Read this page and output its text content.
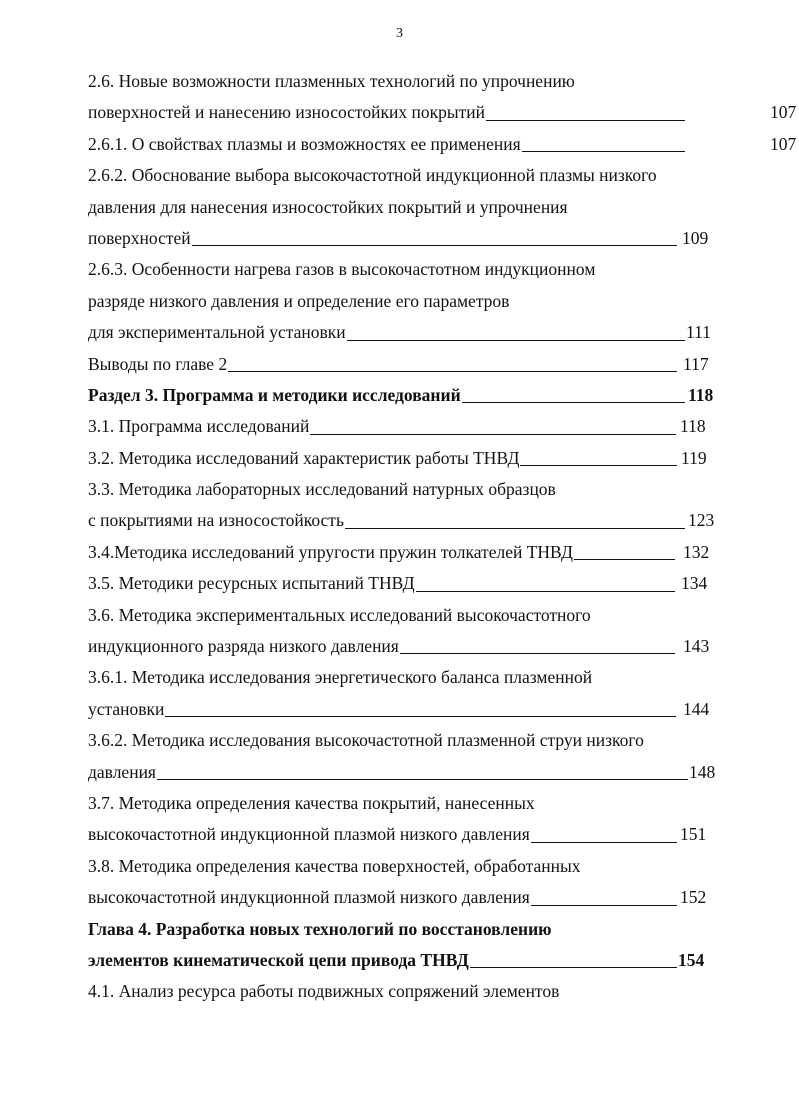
3
2.6. Новые возможности плазменных технологий по упрочнению
поверхностей и нанесению износостойких покрытий	107
2.6.1. О свойствах плазмы и возможностях ее применения	107
2.6.2. Обоснование выбора высокочастотной индукционной плазмы низкого
давления для нанесения износостойких покрытий и упрочнения
поверхностей	109
2.6.3. Особенности нагрева газов в высокочастотном индукционном
разряде низкого давления и определение его параметров
для экспериментальной установки	111
Выводы по главе 2	117
Раздел 3. Программа и методики исследований	118
3.1. Программа исследований	118
3.2. Методика исследований характеристик работы ТНВД	119
3.3. Методика лабораторных исследований натурных образцов
с покрытиями на износостойкость	123
3.4.Методика исследований упругости пружин толкателей ТНВД	132
3.5. Методики ресурсных испытаний ТНВД	134
3.6. Методика экспериментальных исследований высокочастотного
индукционного разряда низкого давления	143
3.6.1. Методика исследования энергетического баланса плазменной
установки	144
3.6.2. Методика исследования высокочастотной плазменной струи низкого
давления	148
3.7. Методика определения качества покрытий, нанесенных
высокочастотной индукционной плазмой низкого давления	151
3.8. Методика определения качества поверхностей, обработанных
высокочастотной индукционной плазмой низкого давления	152
Глава 4. Разработка новых технологий по восстановлению
элементов кинематической цепи привода ТНВД	154
4.1. Анализ ресурса работы подвижных сопряжений элементов
